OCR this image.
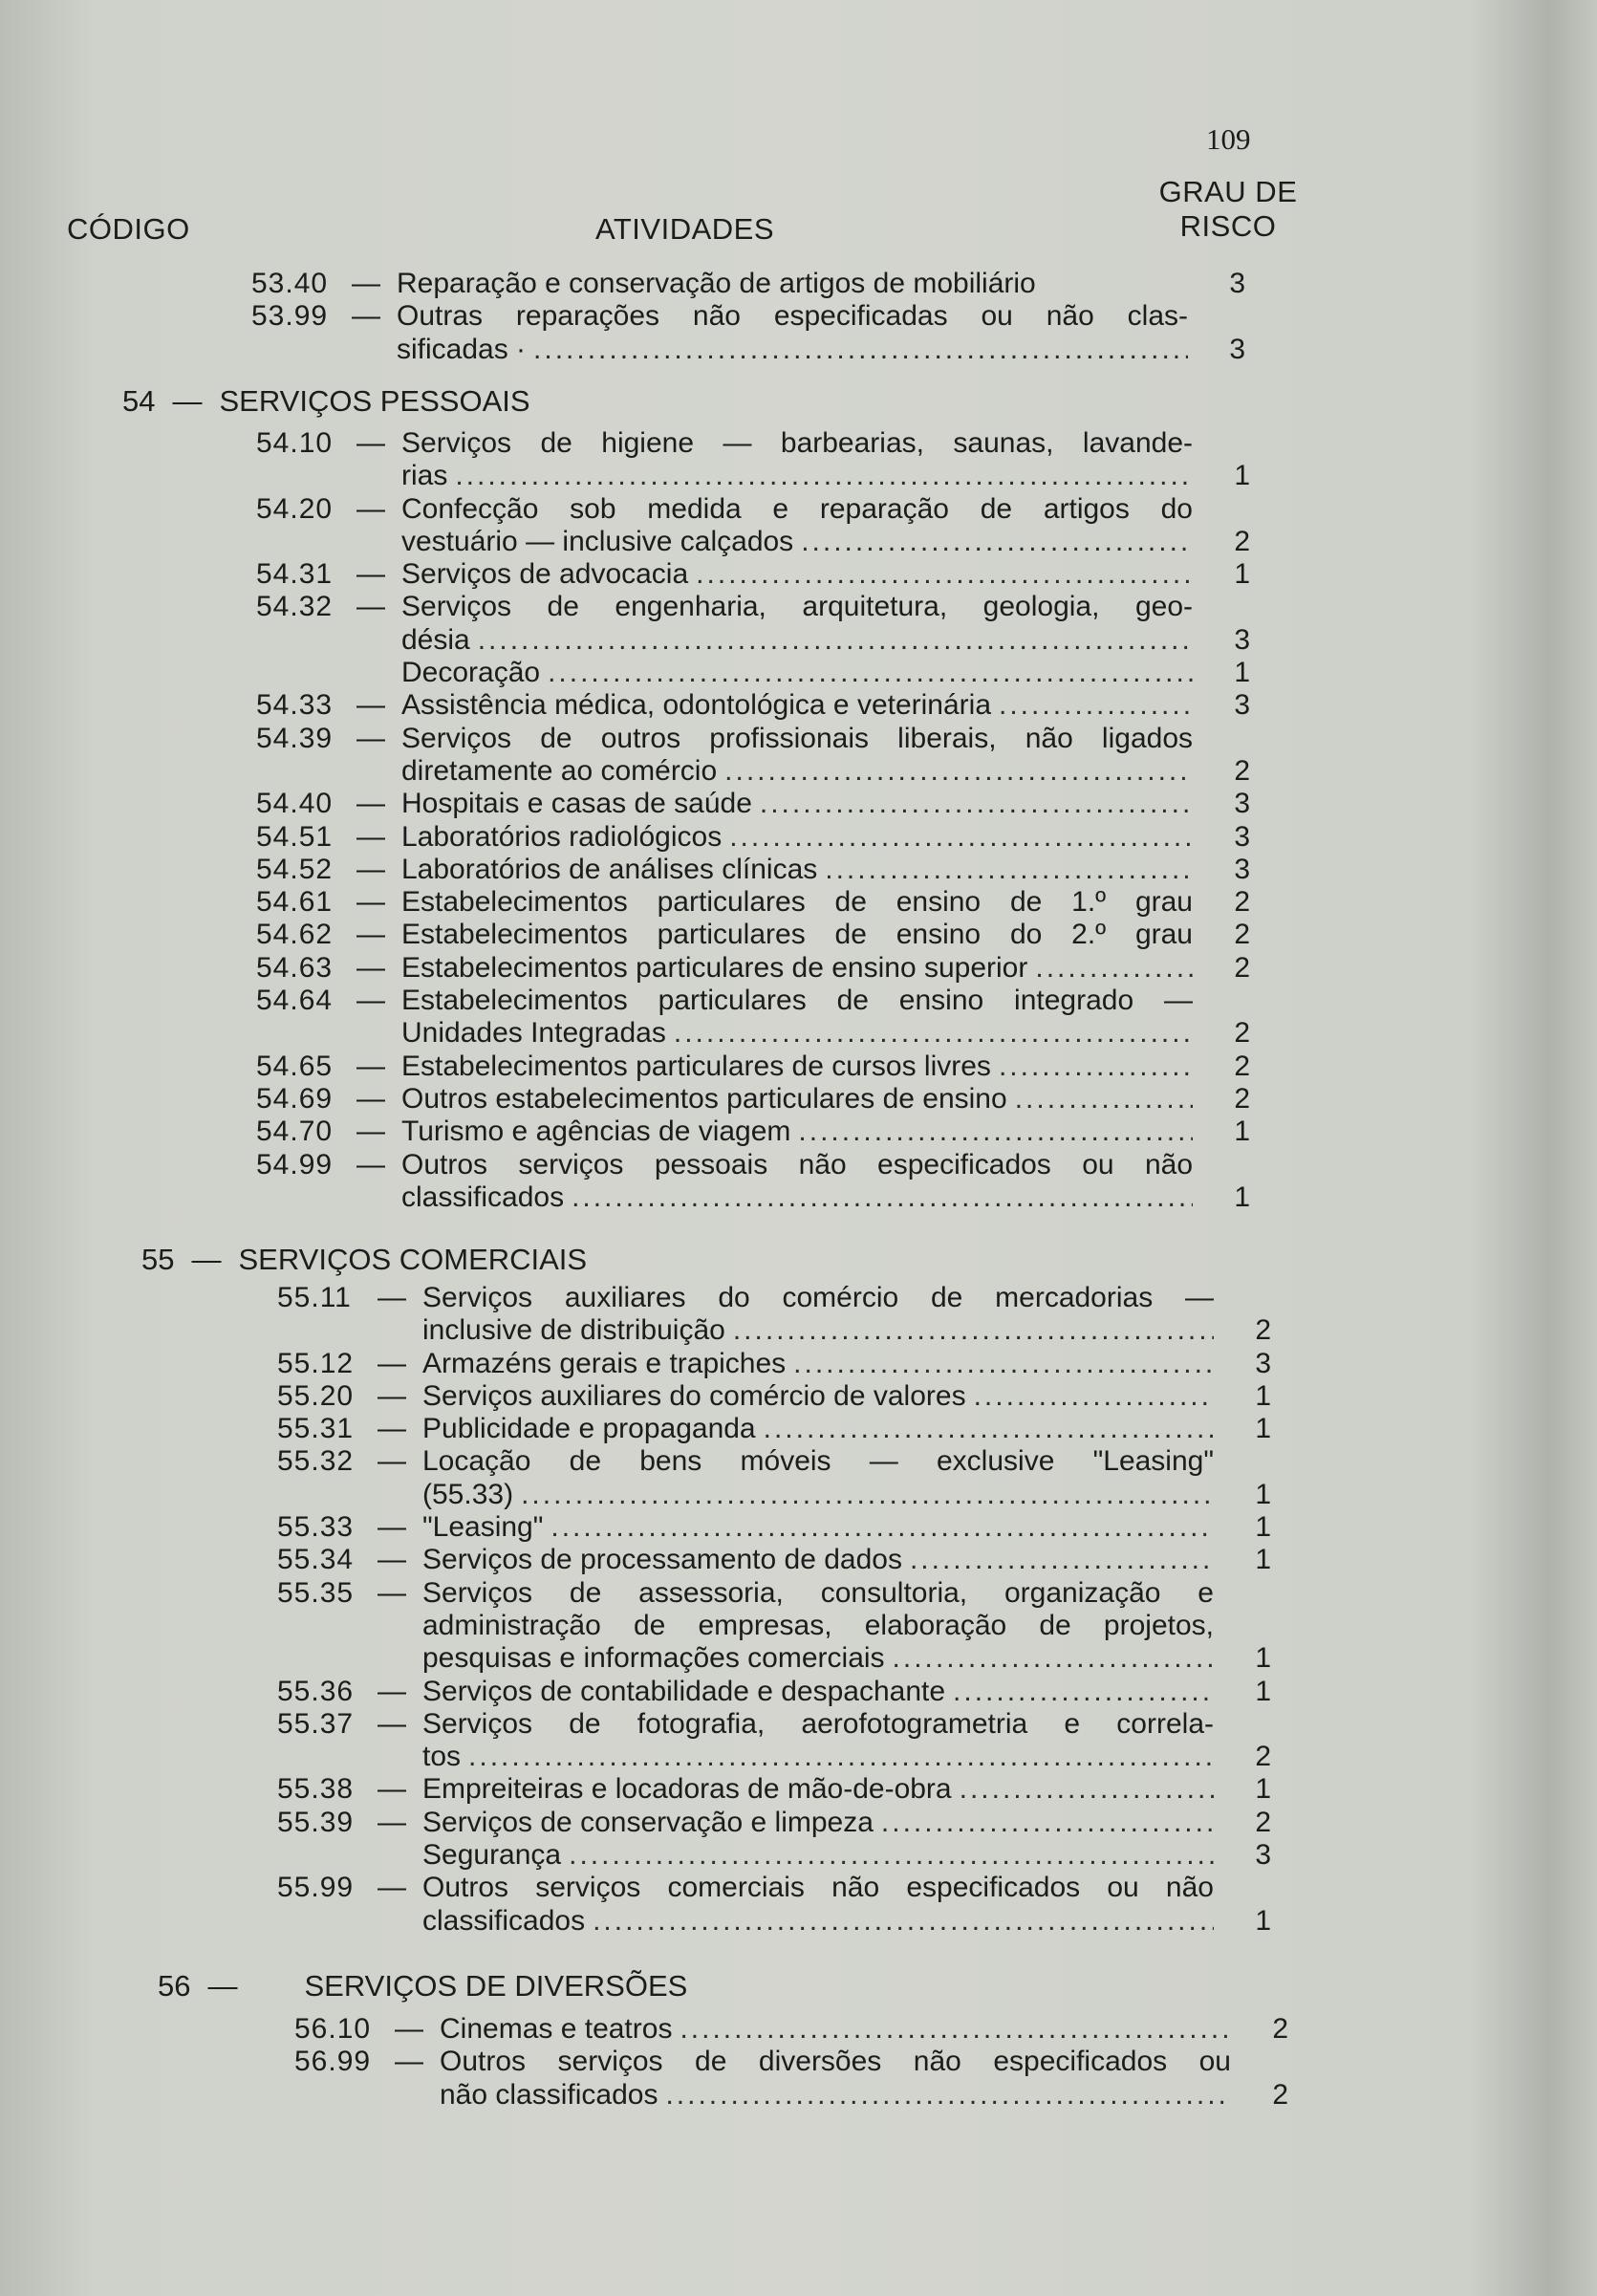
109
CÓDIGO	ATIVIDADES
GRAU DE
RISCO
53.40 — Reparação e conservação de artigos de mobiliário	3
53.99 — Outras reparações não especificadas ou não clas-
sificadas · .....	3
54 — SERVIÇOS PESSOAIS
54.10 — Serviços de higiene — barbearias, saunas, lavande-
rias .....	1
54.20 — Confecção sob medida e reparação de artigos do
vestuário — inclusive calçados .....	2
54.31 — Serviços de advocacia .....	1
54.32 — Serviços de engenharia, arquitetura, geologia, geo-
désia .....	3
Decoração .....	1
54.33 — Assistência médica, odontológica e veterinária .....	3
54.39 — Serviços de outros profissionais liberais, não ligados
diretamente ao comércio .....	2
54.40 — Hospitais e casas de saúde .....	3
54.51 — Laboratórios radiológicos .....	3
54.52 — Laboratórios de análises clínicas .....	3
54.61 — Estabelecimentos particulares de ensino de 1.º grau	2
54.62 — Estabelecimentos particulares de ensino do 2.º grau	2
54.63 — Estabelecimentos particulares de ensino superior .....	2
54.64 — Estabelecimentos particulares de ensino integrado —
Unidades Integradas .....	2
54.65 — Estabelecimentos particulares de cursos livres .....	2
54.69 — Outros estabelecimentos particulares de ensino .....	2
54.70 — Turismo e agências de viagem .....	1
54.99 — Outros serviços pessoais não especificados ou não
classificados .....	1
55 — SERVIÇOS COMERCIAIS
55.11 — Serviços auxiliares do comércio de mercadorias —
inclusive de distribuição .....	2
55.12 — Armazéns gerais e trapiches .....	3
55.20 — Serviços auxiliares do comércio de valores .....	1
55.31 — Publicidade e propaganda .....	1
55.32 — Locação de bens móveis — exclusive "Leasing"
(55.33) .....	1
55.33 — "Leasing" .....	1
55.34 — Serviços de processamento de dados .....	1
55.35 — Serviços de assessoria, consultoria, organização e
administração de empresas, elaboração de projetos,
pesquisas e informações comerciais .....	1
55.36 — Serviços de contabilidade e despachante .....	1
55.37 — Serviços de fotografia, aerofotogrametria e correla-
tos .....	2
55.38 — Empreiteiras e locadoras de mão-de-obra .....	1
55.39 — Serviços de conservação e limpeza .....	2
Segurança .....	3
55.99 — Outros serviços comerciais não especificados ou não
classificados .....	1
56 — SERVIÇOS DE DIVERSÕES
56.10 — Cinemas e teatros .....	2
56.99 — Outros serviços de diversões não especificados ou
não classificados .....	2
